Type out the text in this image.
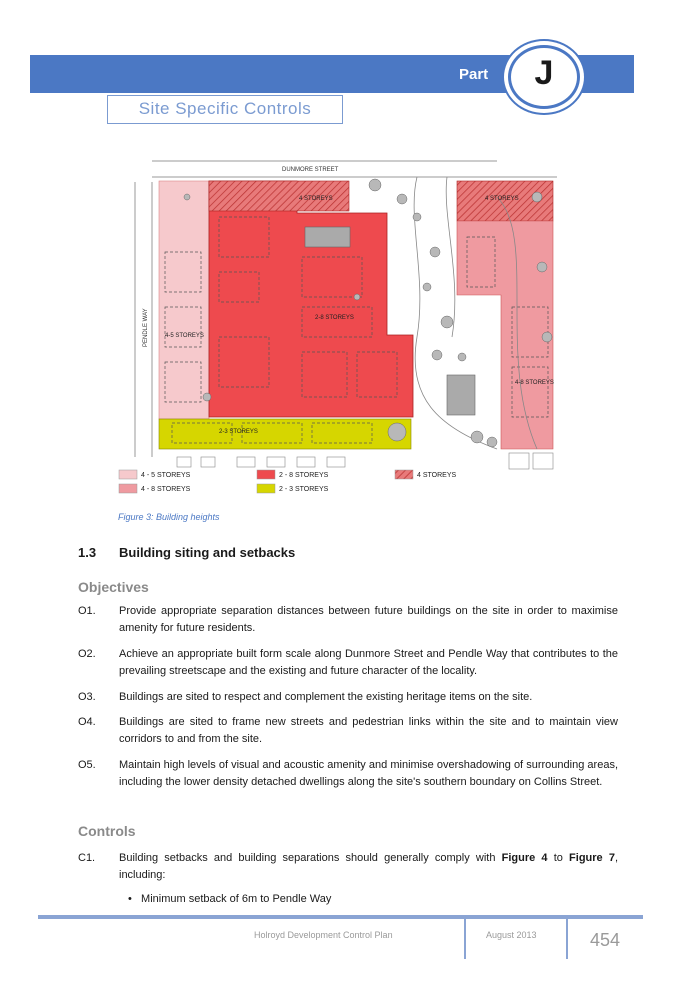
Part	J
Site Specific Controls
DUNMORE STREET
PENDLE WAY
4 STOREYS	4 STOREYS
2-8 STOREYS
4-5 STOREYS
4-8 STOREYS
2-3 STOREYS
4 - 5 STOREYS
4 - 8 STOREYS
2 - 8 STOREYS
2 - 3 STOREYS
4 STOREYS
Figure 3: Building heights
1.3 Building siting and setbacks
Objectives
O1. Provide appropriate separation distances between future buildings on the site in order to maximise amenity for future residents.
O2. Achieve an appropriate built form scale along Dunmore Street and Pendle Way that contributes to the prevailing streetscape and the existing and future character of the locality.
O3. Buildings are sited to respect and complement the existing heritage items on the site.
O4. Buildings are sited to frame new streets and pedestrian links within the site and to maintain view corridors to and from the site.
O5. Maintain high levels of visual and acoustic amenity and minimise overshadowing of surrounding areas, including the lower density detached dwellings along the site's southern boundary on Collins Street.
Controls
C1. Building setbacks and building separations should generally comply with Figure 4 to Figure 7, including:
•   Minimum setback of 6m to Pendle Way
Holroyd Development Control Plan	August 2013	454
